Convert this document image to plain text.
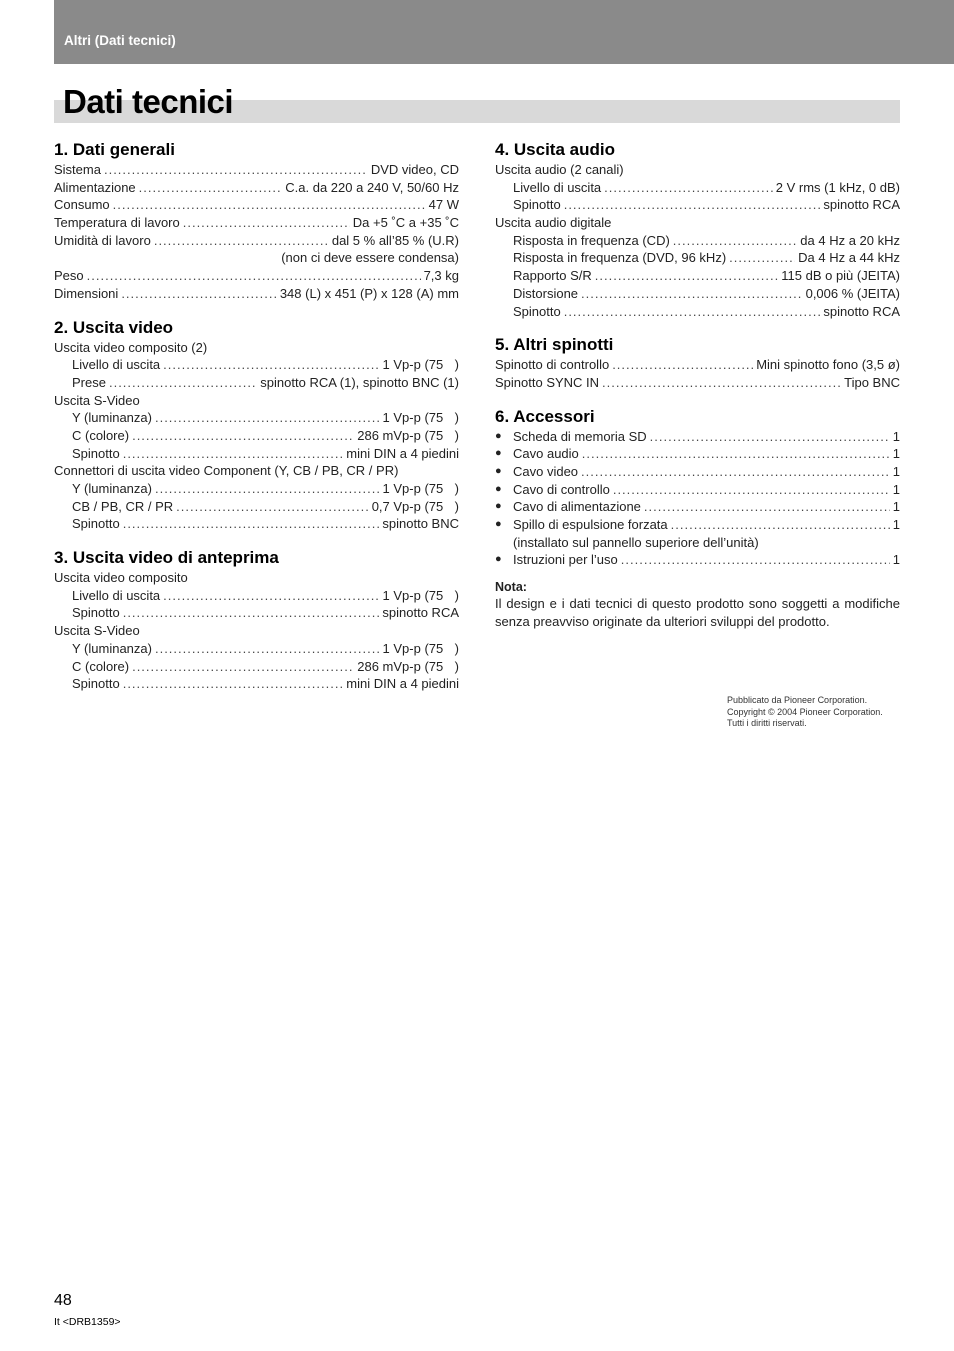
Altri (Dati tecnici)
Dati tecnici
1. Dati generali
Sistema .....	DVD video, CD
Alimentazione .....	C.a. da 220 a 240 V, 50/60 Hz
Consumo .....	47 W
Temperatura di lavoro .....	Da +5 ˚C a +35 ˚C
Umidità di lavoro .....	dal 5 % all’85 % (U.R)
(non ci deve essere condensa)
Peso .....	7,3 kg
Dimensioni .....	348 (L) x 451 (P) x 128 (A) mm
2. Uscita video
Uscita video composito (2)
Livello di uscita .....	1 Vp-p (75    )
Prese .....	spinotto RCA (1), spinotto BNC (1)
Uscita S-Video
Y (luminanza) .....	1 Vp-p (75    )
C (colore) .....	286 mVp-p (75    )
Spinotto .....	mini DIN a 4 piedini
Connettori di uscita video Component (Y, CB / PB, CR / PR)
Y (luminanza) .....	1 Vp-p (75    )
CB / PB, CR / PR .....	0,7 Vp-p (75    )
Spinotto .....	spinotto BNC
3. Uscita video di anteprima
Uscita video composito
Livello di uscita .....	1 Vp-p (75    )
Spinotto .....	spinotto RCA
Uscita S-Video
Y (luminanza) .....	1 Vp-p (75    )
C (colore) .....	286 mVp-p (75    )
Spinotto .....	mini DIN a 4 piedini
4. Uscita audio
Uscita audio (2 canali)
Livello di uscita .....	2 V rms (1 kHz, 0 dB)
Spinotto .....	spinotto RCA
Uscita audio digitale
Risposta in frequenza (CD) .....	da 4 Hz a 20 kHz
Risposta in frequenza (DVD, 96 kHz) .....	Da 4 Hz a 44 kHz
Rapporto S/R .....	115 dB o più (JEITA)
Distorsione .....	0,006 % (JEITA)
Spinotto .....	spinotto RCA
5. Altri spinotti
Spinotto di controllo .....	Mini spinotto fono (3,5 ø)
Spinotto SYNC IN .....	Tipo BNC
6. Accessori
● Scheda di memoria SD .....	1
● Cavo audio .....	1
● Cavo video .....	1
● Cavo di controllo .....	1
● Cavo di alimentazione .....	1
● Spillo di espulsione forzata .....	1
(installato sul pannello superiore dell’unità)
● Istruzioni per l’uso .....	1
Nota:
Il design e i dati tecnici di questo prodotto sono soggetti a modifiche senza preavviso originate da ulteriori sviluppi del prodotto.
Pubblicato da Pioneer Corporation.
Copyright © 2004 Pioneer Corporation.
Tutti i diritti riservati.
48
It <DRB1359>
